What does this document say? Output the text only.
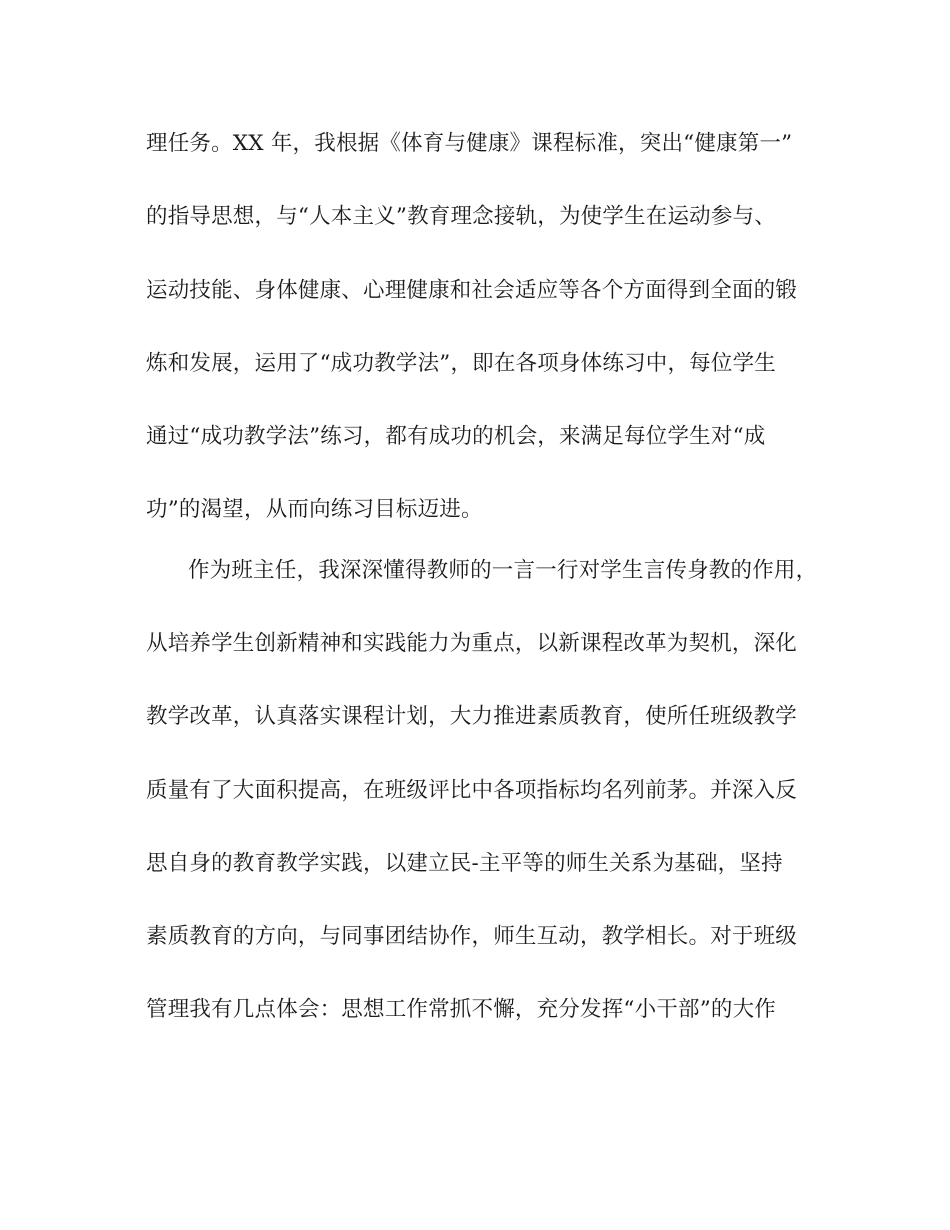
理任务。XX 年，我根据《体育与健康》课程标准，突出“健康第一”
的指导思想，与“人本主义”教育理念接轨，为使学生在运动参与、
运动技能、身体健康、心理健康和社会适应等各个方面得到全面的锻
炼和发展，运用了“成功教学法”，即在各项身体练习中，每位学生
通过“成功教学法”练习，都有成功的机会，来满足每位学生对“成
功”的渴望，从而向练习目标迈进。
作为班主任，我深深懂得教师的一言一行对学生言传身教的作用，
从培养学生创新精神和实践能力为重点，以新课程改革为契机，深化
教学改革，认真落实课程计划，大力推进素质教育，使所任班级教学
质量有了大面积提高，在班级评比中各项指标均名列前茅。并深入反
思自身的教育教学实践，以建立民-主平等的师生关系为基础，坚持
素质教育的方向，与同事团结协作，师生互动，教学相长。对于班级
管理我有几点体会：思想工作常抓不懈，充分发挥“小干部”的大作
